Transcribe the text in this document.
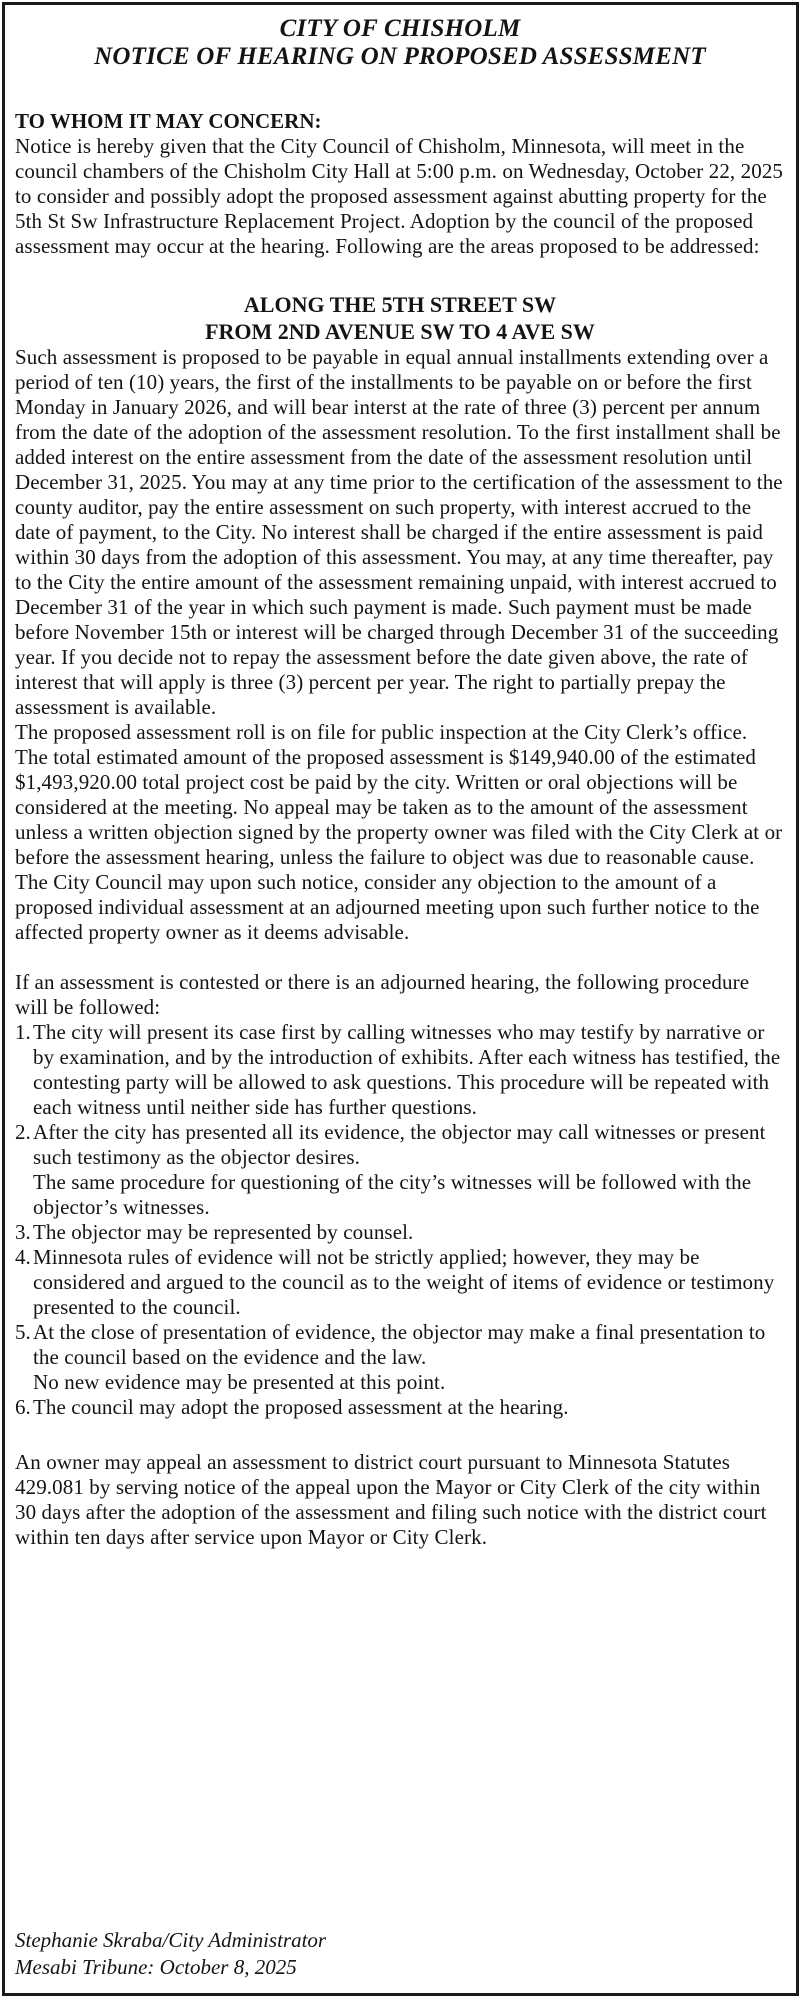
CITY OF CHISHOLM
NOTICE OF HEARING ON PROPOSED ASSESSMENT

TO WHOM IT MAY CONCERN:

Notice is hereby given that the City Council of Chisholm, Minnesota, will meet in the council chambers of the Chisholm City Hall at 5:00 p.m. on Wednesday, October 22, 2025 to consider and possibly adopt the proposed assessment against abutting property for the 5th St Sw Infrastructure Replacement Project. Adoption by the council of the proposed assessment may occur at the hearing. Following are the areas proposed to be addressed:

ALONG THE 5TH STREET SW
FROM 2ND AVENUE SW TO 4 AVE SW

Such assessment is proposed to be payable in equal annual installments extending over a period of ten (10) years, the first of the installments to be payable on or before the first Monday in January 2026, and will bear interst at the rate of three (3) percent per annum from the date of the adoption of the assessment resolution. To the first installment shall be added interest on the entire assessment from the date of the assessment resolution until December 31, 2025. You may at any time prior to the certification of the assessment to the county auditor, pay the entire assessment on such property, with interest accrued to the date of payment, to the City. No interest shall be charged if the entire assessment is paid within 30 days from the adoption of this assessment. You may, at any time thereafter, pay to the City the entire amount of the assessment remaining unpaid, with interest accrued to December 31 of the year in which such payment is made. Such payment must be made before November 15th or interest will be charged through December 31 of the succeeding year. If you decide not to repay the assessment before the date given above, the rate of interest that will apply is three (3) percent per year. The right to partially prepay the assessment is available.

The proposed assessment roll is on file for public inspection at the City Clerk’s office. The total estimated amount of the proposed assessment is $149,940.00 of the estimated $1,493,920.00 total project cost be paid by the city. Written or oral objections will be considered at the meeting. No appeal may be taken as to the amount of the assessment unless a written objection signed by the property owner was filed with the City Clerk at or before the assessment hearing, unless the failure to object was due to reasonable cause. The City Council may upon such notice, consider any objection to the amount of a proposed individual assessment at an adjourned meeting upon such further notice to the affected property owner as it deems advisable.

If an assessment is contested or there is an adjourned hearing, the following procedure will be followed:

1. The city will present its case first by calling witnesses who may testify by narrative or by examination, and by the introduction of exhibits. After each witness has testified, the contesting party will be allowed to ask questions. This procedure will be repeated with each witness until neither side has further questions.
2. After the city has presented all its evidence, the objector may call witnesses or present such testimony as the objector desires.
The same procedure for questioning of the city’s witnesses will be followed with the objector’s witnesses.
3. The objector may be represented by counsel.
4. Minnesota rules of evidence will not be strictly applied; however, they may be considered and argued to the council as to the weight of items of evidence or testimony presented to the council.
5. At the close of presentation of evidence, the objector may make a final presentation to the council based on the evidence and the law.
No new evidence may be presented at this point.
6. The council may adopt the proposed assessment at the hearing.

An owner may appeal an assessment to district court pursuant to Minnesota Statutes 429.081 by serving notice of the appeal upon the Mayor or City Clerk of the city within 30 days after the adoption of the assessment and filing such notice with the district court within ten days after service upon Mayor or City Clerk.

Stephanie Skraba/City Administrator
Mesabi Tribune: October 8, 2025
